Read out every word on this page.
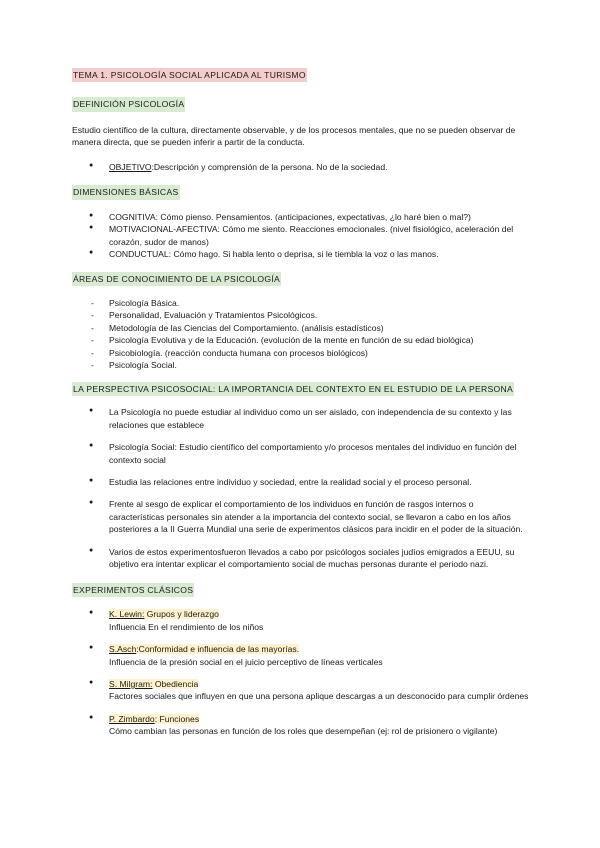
TEMA 1. PSICOLOGÍA SOCIAL APLICADA AL TURISMO
DEFINICIÓN PSICOLOGÍA

Estudio científico de la cultura, directamente observable, y de los procesos mentales, que no se pueden observar de manera directa, que se pueden inferir a partir de la conducta.

● OBJETIVO:Descripción y comprensión de la persona. No de la sociedad.
DIMENSIONES BÁSICAS
● COGNITIVA: Cómo pienso. Pensamientos. (anticipaciones, expectativas, ¿lo haré bien o mal?)
● MOTIVACIONAL-AFECTIVA: Cómo me siento. Reacciones emocionales. (nivel fisiológico, aceleración del corazón, sudor de manos)
● CONDUCTUAL: Cómo hago. Si habla lento o deprisa, si le tiembla la voz o las manos.
ÁREAS DE CONOCIMIENTO DE LA PSICOLOGÍA
- Psicología Básica.
- Personalidad, Evaluación y Tratamientos Psicológicos.
- Metodología de las Ciencias del Comportamiento. (análisis estadísticos)
- Psicología Evolutiva y de la Educación. (evolución de la mente en función de su edad biológica)
- Psicobiología. (reacción conducta humana con procesos biológicos)
- Psicología Social.
LA PERSPECTIVA PSICOSOCIAL: LA IMPORTANCIA DEL CONTEXTO EN EL ESTUDIO DE LA PERSONA
● La Psicología no puede estudiar al individuo como un ser aislado, con independencia de su contexto y las relaciones que establece
● Psicología Social: Estudio científico del comportamiento y/o procesos mentales del individuo en función del contexto social
● Estudia las relaciones entre individuo y sociedad, entre la realidad social y el proceso personal.
● Frente al sesgo de explicar el comportamiento de los individuos en función de rasgos internos o características personales sin atender a la importancia del contexto social, se llevaron a cabo en los años posteriores a la II Guerra Mundial una serie de experimentos clásicos para incidir en el poder de la situación.
● Varios de estos experimentosfueron llevados a cabo por psicólogos sociales judíos emigrados a EEUU, su objetivo era intentar explicar el comportamiento social de muchas personas durante el periodo nazi.
EXPERIMENTOS CLÁSICOS
● K. Lewin: Grupos y liderazgo
Influencia En el rendimiento de los niños
● S.Asch:Conformidad e influencia de las mayorías.
Influencia de la presión social en el juicio perceptivo de líneas verticales
● S. Milgram: Obediencia
Factores sociales que influyen en que una persona aplique descargas a un desconocido para cumplir órdenes
● P. Zimbardo: Funciones
Cómo cambian las personas en función de los roles que desempeñan (ej: rol de prisionero o vigilante)
